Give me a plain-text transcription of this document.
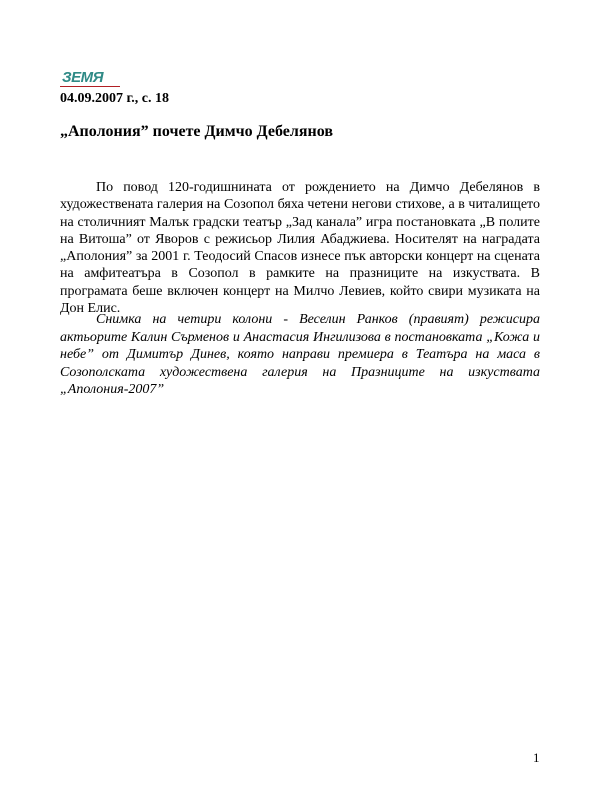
ЗЕМЯ
04.09.2007 г., с. 18
„Аполония” почете Димчо Дебелянов

По повод 120-годишнината от рождението на Димчо Дебелянов в художествената галерия на Созопол бяха четени негови стихове, а в читалището на столичният Малък градски театър „Зад канала” игра постановката „В полите на Витоша” от Яворов с режисьор Лилия Абаджиева. Носителят на наградата „Аполония” за 2001 г. Теодосий Спасов изнесе пък авторски концерт на сцената на амфитеатъра в Созопол в рамките на празниците на изкуствата. В програмата беше включен концерт на Милчо Левиев, който свири музиката на Дон Елис.

Снимка на четири колони - Веселин Ранков (правият) режисира актьорите Калин Сърменов и Анастасия Ингилизова в постановката „Кожа и небе” от Димитър Динев, която направи премиера в Театъра на маса в Созополската художествена галерия на Празниците на изкуствата „Аполония-2007”

1
